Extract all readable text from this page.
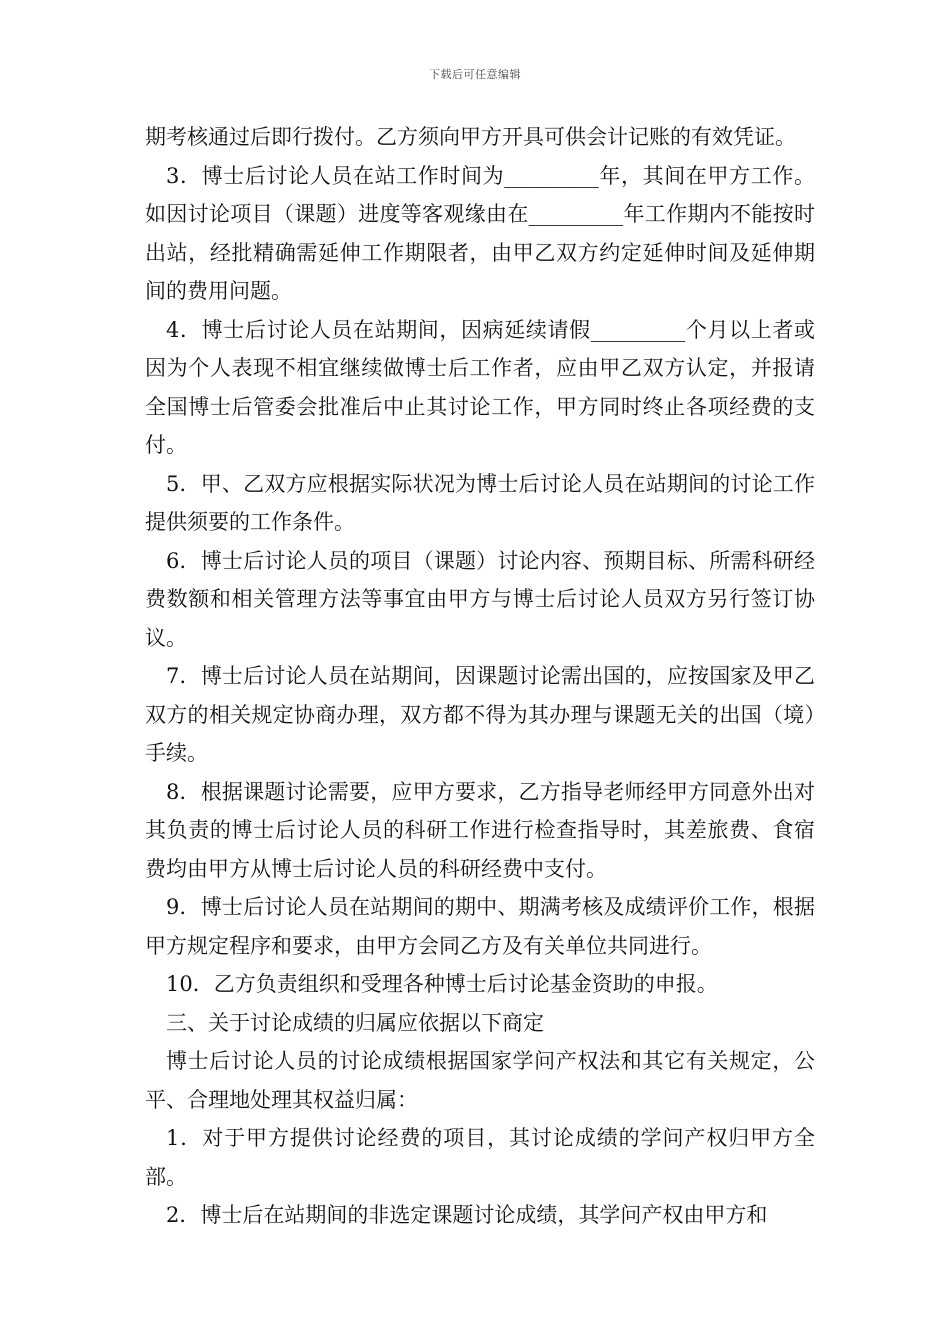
下载后可任意编辑

期考核通过后即行拨付。乙方须向甲方开具可供会计记账的有效凭证。

3．博士后讨论人员在站工作时间为_________年，其间在甲方工作。如因讨论项目（课题）进度等客观缘由在_________年工作期内不能按时出站，经批精确需延伸工作期限者，由甲乙双方约定延伸时间及延伸期间的费用问题。

4．博士后讨论人员在站期间，因病延续请假_________个月以上者或因为个人表现不相宜继续做博士后工作者，应由甲乙双方认定，并报请全国博士后管委会批准后中止其讨论工作，甲方同时终止各项经费的支付。

5．甲、乙双方应根据实际状况为博士后讨论人员在站期间的讨论工作提供须要的工作条件。

6．博士后讨论人员的项目（课题）讨论内容、预期目标、所需科研经费数额和相关管理方法等事宜由甲方与博士后讨论人员双方另行签订协议。

7．博士后讨论人员在站期间，因课题讨论需出国的，应按国家及甲乙双方的相关规定协商办理，双方都不得为其办理与课题无关的出国（境）手续。

8．根据课题讨论需要，应甲方要求，乙方指导老师经甲方同意外出对其负责的博士后讨论人员的科研工作进行检查指导时，其差旅费、食宿费均由甲方从博士后讨论人员的科研经费中支付。

9．博士后讨论人员在站期间的期中、期满考核及成绩评价工作，根据甲方规定程序和要求，由甲方会同乙方及有关单位共同进行。

10．乙方负责组织和受理各种博士后讨论基金资助的申报。

三、关于讨论成绩的归属应依据以下商定

博士后讨论人员的讨论成绩根据国家学问产权法和其它有关规定，公平、合理地处理其权益归属：

1．对于甲方提供讨论经费的项目，其讨论成绩的学问产权归甲方全部。

2．博士后在站期间的非选定课题讨论成绩，其学问产权由甲方和
